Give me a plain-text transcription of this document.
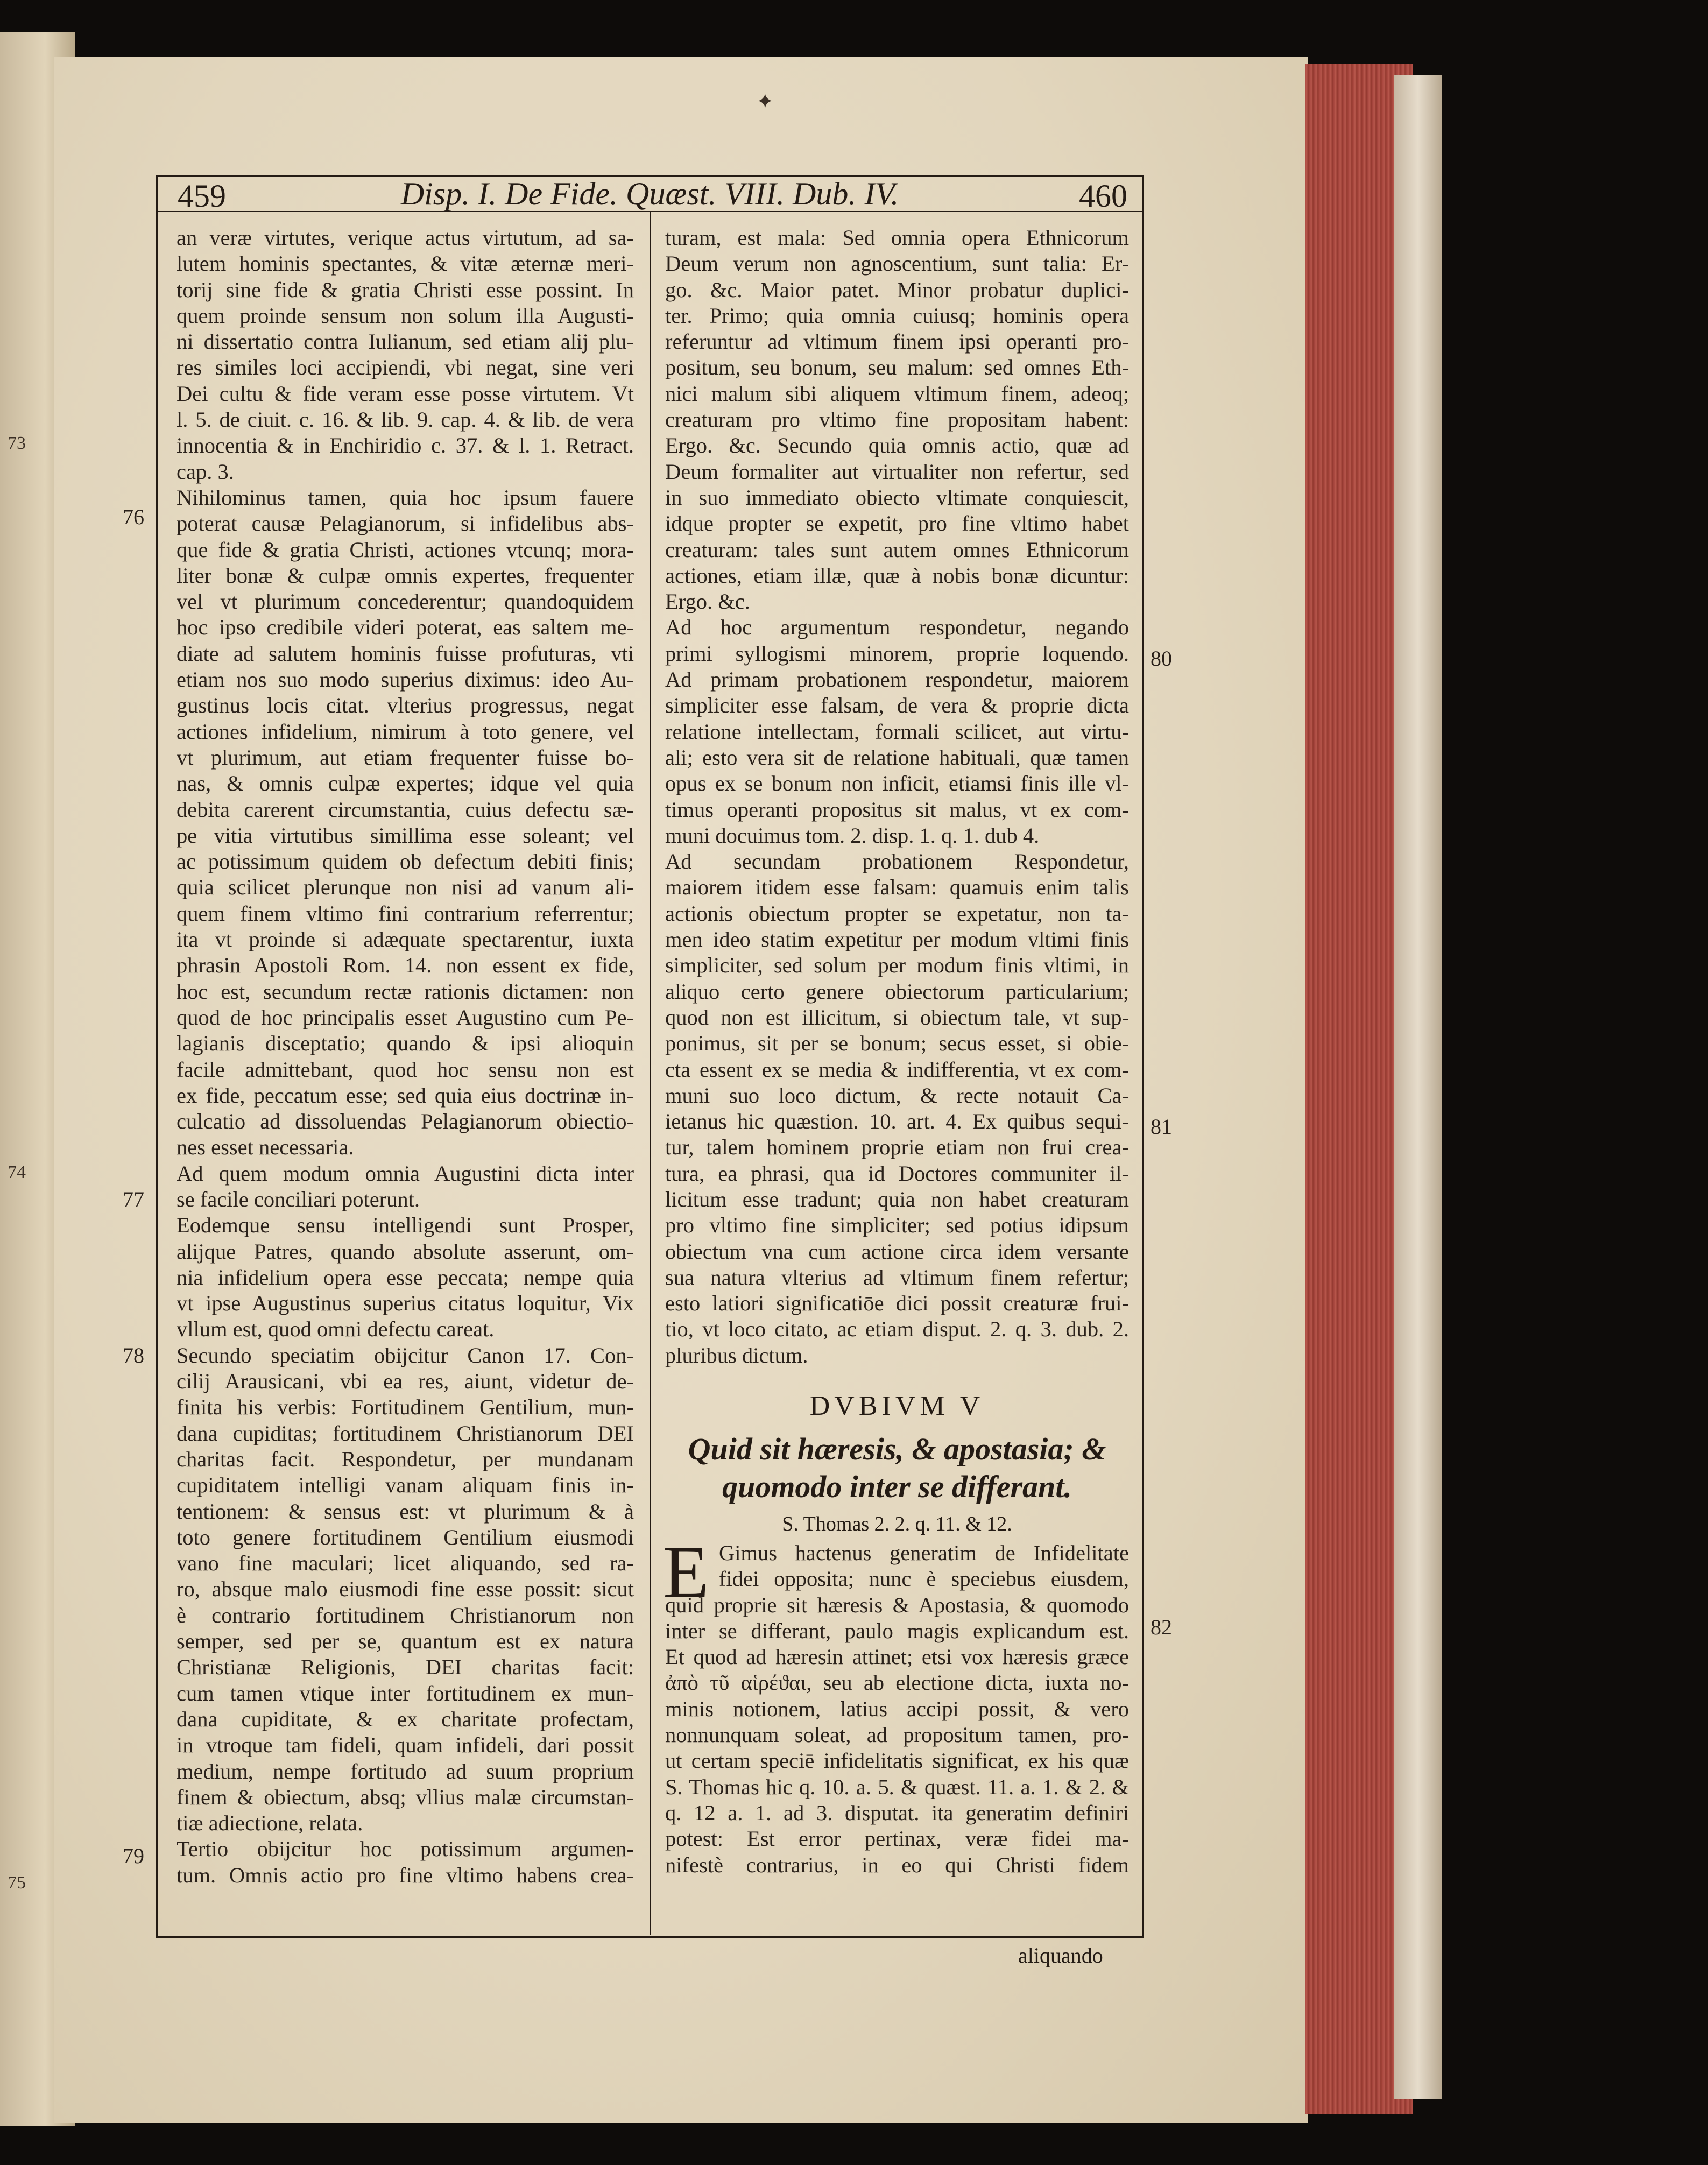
73
74
75
✦
459	Disp. I. De Fide. Quæst. VIII. Dub. IV.	460
an veræ virtutes, verique actus virtutum, ad sa-
lutem hominis spectantes, & vitæ æternæ meri-
torij sine fide & gratia Christi esse possint. In
quem proinde sensum non solum illa Augusti-
ni dissertatio contra Iulianum, sed etiam alij plu-
res similes loci accipiendi, vbi negat, sine veri
Dei cultu & fide veram esse posse virtutem. Vt
l. 5. de ciuit. c. 16. & lib. 9. cap. 4. & lib. de vera
innocentia & in Enchiridio c. 37. & l. 1. Retract.
cap. 3.
Nihilominus tamen, quia hoc ipsum fauere
poterat causæ Pelagianorum, si infidelibus abs-
que fide & gratia Christi, actiones vtcunq; mora-
liter bonæ & culpæ omnis expertes, frequenter
vel vt plurimum concederentur; quandoquidem
hoc ipso credibile videri poterat, eas saltem me-
diate ad salutem hominis fuisse profuturas, vti
etiam nos suo modo superius diximus: ideo Au-
gustinus locis citat. vlterius progressus, negat
actiones infidelium, nimirum à toto genere, vel
vt plurimum, aut etiam frequenter fuisse bo-
nas, & omnis culpæ expertes; idque vel quia
debita carerent circumstantia, cuius defectu sæ-
pe vitia virtutibus simillima esse soleant; vel
ac potissimum quidem ob defectum debiti finis;
quia scilicet plerunque non nisi ad vanum ali-
quem finem vltimo fini contrarium referrentur;
ita vt proinde si adæquate spectarentur, iuxta
phrasin Apostoli Rom. 14. non essent ex fide,
hoc est, secundum rectæ rationis dictamen: non
quod de hoc principalis esset Augustino cum Pe-
lagianis disceptatio; quando & ipsi alioquin
facile admittebant, quod hoc sensu non est
ex fide, peccatum esse; sed quia eius doctrinæ in-
culcatio ad dissoluendas Pelagianorum obiectio-
nes esset necessaria.
Ad quem modum omnia Augustini dicta inter
se facile conciliari poterunt.
Eodemque sensu intelligendi sunt Prosper,
alijque Patres, quando absolute asserunt, om-
nia infidelium opera esse peccata; nempe quia
vt ipse Augustinus superius citatus loquitur, Vix
vllum est, quod omni defectu careat.
Secundo speciatim obijcitur Canon 17. Con-
cilij Arausicani, vbi ea res, aiunt, videtur de-
finita his verbis: Fortitudinem Gentilium, mun-
dana cupiditas; fortitudinem Christianorum DEI
charitas facit. Respondetur, per mundanam
cupiditatem intelligi vanam aliquam finis in-
tentionem: & sensus est: vt plurimum & à
toto genere fortitudinem Gentilium eiusmodi
vano fine maculari; licet aliquando, sed ra-
ro, absque malo eiusmodi fine esse possit: sicut
è contrario fortitudinem Christianorum non
semper, sed per se, quantum est ex natura
Christianæ Religionis, DEI charitas facit:
cum tamen vtique inter fortitudinem ex mun-
dana cupiditate, & ex charitate profectam,
in vtroque tam fideli, quam infideli, dari possit
medium, nempe fortitudo ad suum proprium
finem & obiectum, absq; vllius malæ circumstan-
tiæ adiectione, relata.
Tertio obijcitur hoc potissimum argumen-
tum. Omnis actio pro fine vltimo habens crea-
turam, est mala: Sed omnia opera Ethnicorum
Deum verum non agnoscentium, sunt talia: Er-
go. &c. Maior patet. Minor probatur duplici-
ter. Primo; quia omnia cuiusq; hominis opera
referuntur ad vltimum finem ipsi operanti pro-
positum, seu bonum, seu malum: sed omnes Eth-
nici malum sibi aliquem vltimum finem, adeoq;
creaturam pro vltimo fine propositam habent:
Ergo. &c. Secundo quia omnis actio, quæ ad
Deum formaliter aut virtualiter non refertur, sed
in suo immediato obiecto vltimate conquiescit,
idque propter se expetit, pro fine vltimo habet
creaturam: tales sunt autem omnes Ethnicorum
actiones, etiam illæ, quæ à nobis bonæ dicuntur:
Ergo. &c.
Ad hoc argumentum respondetur, negando
primi syllogismi minorem, proprie loquendo.
Ad primam probationem respondetur, maiorem
simpliciter esse falsam, de vera & proprie dicta
relatione intellectam, formali scilicet, aut virtu-
ali; esto vera sit de relatione habituali, quæ tamen
opus ex se bonum non inficit, etiamsi finis ille vl-
timus operanti propositus sit malus, vt ex com-
muni docuimus tom. 2. disp. 1. q. 1. dub 4.
Ad secundam probationem Respondetur,
maiorem itidem esse falsam: quamuis enim talis
actionis obiectum propter se expetatur, non ta-
men ideo statim expetitur per modum vltimi finis
simpliciter, sed solum per modum finis vltimi, in
aliquo certo genere obiectorum particularium;
quod non est illicitum, si obiectum tale, vt sup-
ponimus, sit per se bonum; secus esset, si obie-
cta essent ex se media & indifferentia, vt ex com-
muni suo loco dictum, & recte notauit Ca-
ietanus hic quæstion. 10. art. 4. Ex quibus sequi-
tur, talem hominem proprie etiam non frui crea-
tura, ea phrasi, qua id Doctores communiter il-
licitum esse tradunt; quia non habet creaturam
pro vltimo fine simpliciter; sed potius idipsum
obiectum vna cum actione circa idem versante
sua natura vlterius ad vltimum finem refertur;
esto latiori significatiōe dici possit creaturæ frui-
tio, vt loco citato, ac etiam disput. 2. q. 3. dub. 2.
pluribus dictum.
76
77
78
79
80
81
82
DVBIVM V
Quid sit hæresis, & apostasia; &
quomodo inter se differant.
S. Thomas 2. 2. q. 11. & 12.
E Gimus hactenus generatim de Infidelitate
fidei opposita; nunc è speciebus eiusdem,
quid proprie sit hæresis & Apostasia, & quomodo
inter se differant, paulo magis explicandum est.
Et quod ad hæresin attinet; etsi vox hæresis græce
ἀπὸ τῦ αἱρέϑαι, seu ab electione dicta, iuxta no-
minis notionem, latius accipi possit, & vero
nonnunquam soleat, ad propositum tamen, pro-
ut certam speciē infidelitatis significat, ex his quæ
S. Thomas hic q. 10. a. 5. & quæst. 11. a. 1. & 2. &
q. 12 a. 1. ad 3. disputat. ita generatim definiri
potest: Est error pertinax, veræ fidei ma-
nifestè contrarius, in eo qui Christi fidem
aliquando
